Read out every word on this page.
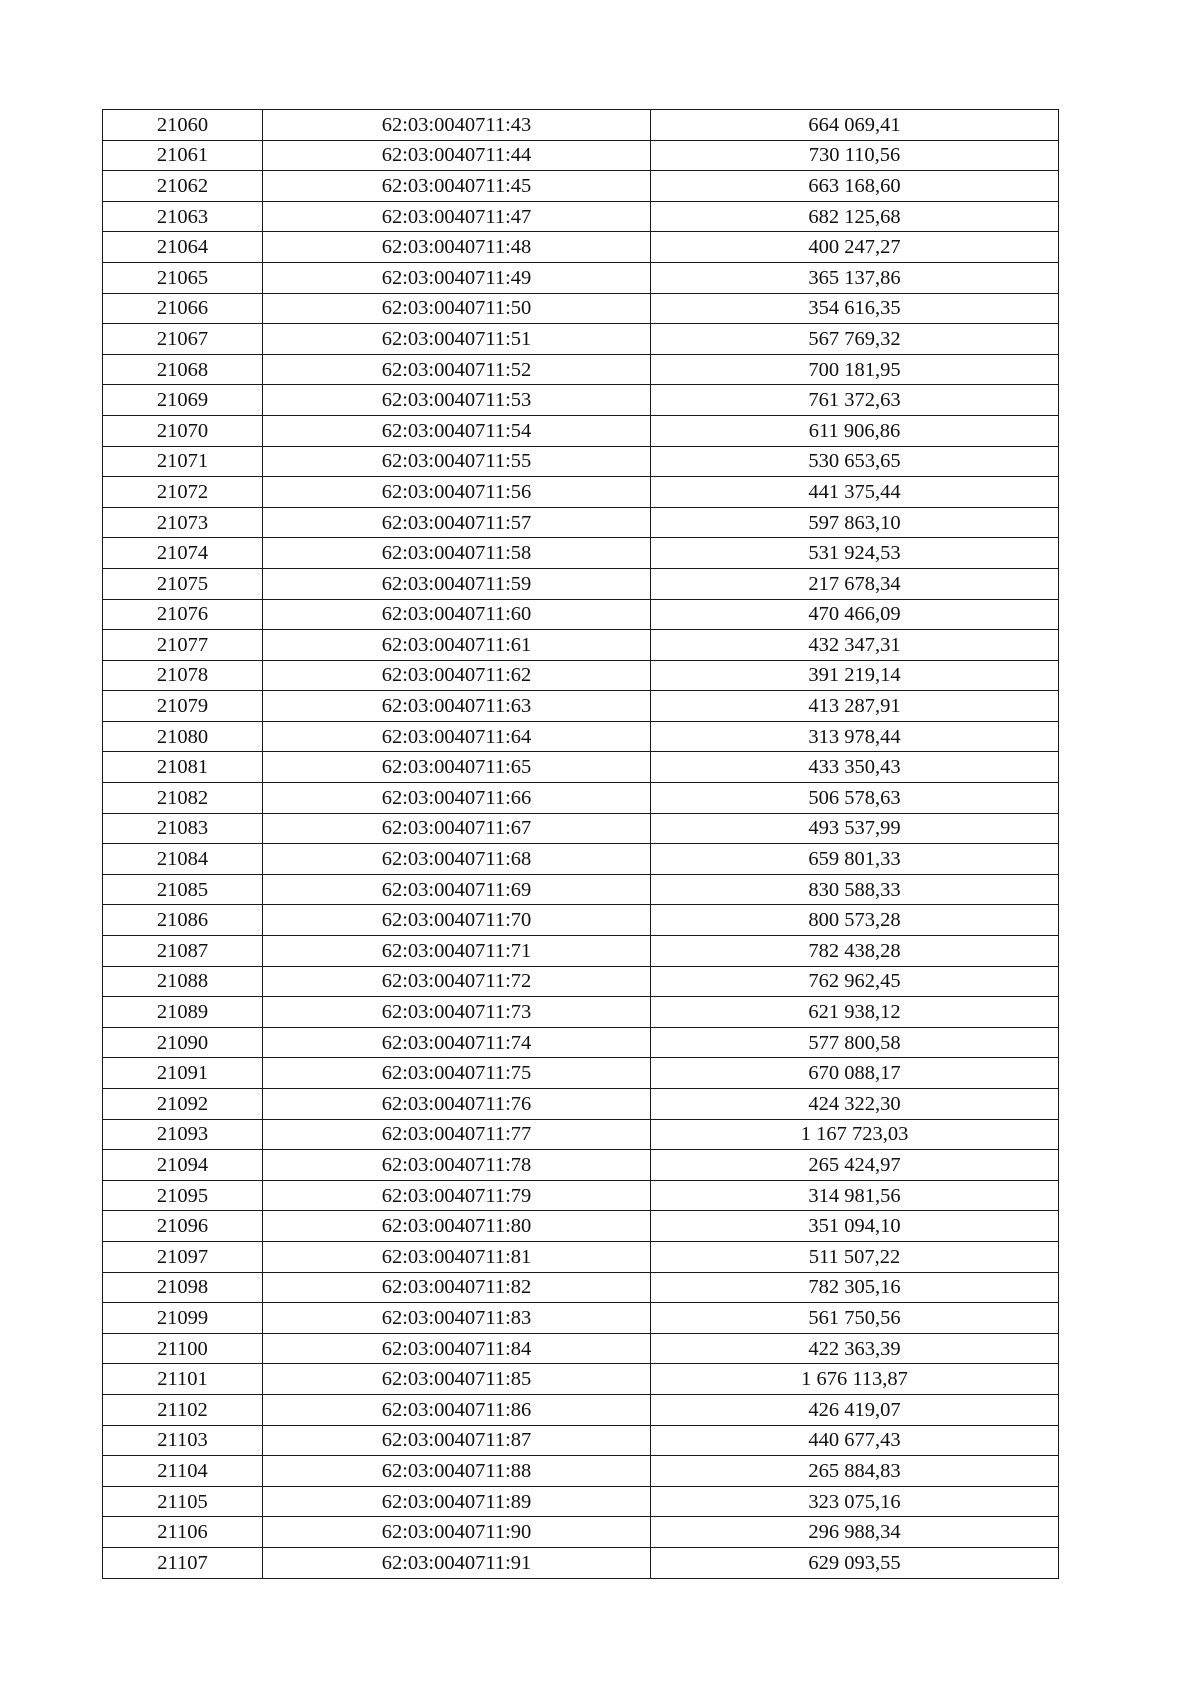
21060	62:03:0040711:43	664 069,41
21061	62:03:0040711:44	730 110,56
21062	62:03:0040711:45	663 168,60
21063	62:03:0040711:47	682 125,68
21064	62:03:0040711:48	400 247,27
21065	62:03:0040711:49	365 137,86
21066	62:03:0040711:50	354 616,35
21067	62:03:0040711:51	567 769,32
21068	62:03:0040711:52	700 181,95
21069	62:03:0040711:53	761 372,63
21070	62:03:0040711:54	611 906,86
21071	62:03:0040711:55	530 653,65
21072	62:03:0040711:56	441 375,44
21073	62:03:0040711:57	597 863,10
21074	62:03:0040711:58	531 924,53
21075	62:03:0040711:59	217 678,34
21076	62:03:0040711:60	470 466,09
21077	62:03:0040711:61	432 347,31
21078	62:03:0040711:62	391 219,14
21079	62:03:0040711:63	413 287,91
21080	62:03:0040711:64	313 978,44
21081	62:03:0040711:65	433 350,43
21082	62:03:0040711:66	506 578,63
21083	62:03:0040711:67	493 537,99
21084	62:03:0040711:68	659 801,33
21085	62:03:0040711:69	830 588,33
21086	62:03:0040711:70	800 573,28
21087	62:03:0040711:71	782 438,28
21088	62:03:0040711:72	762 962,45
21089	62:03:0040711:73	621 938,12
21090	62:03:0040711:74	577 800,58
21091	62:03:0040711:75	670 088,17
21092	62:03:0040711:76	424 322,30
21093	62:03:0040711:77	1 167 723,03
21094	62:03:0040711:78	265 424,97
21095	62:03:0040711:79	314 981,56
21096	62:03:0040711:80	351 094,10
21097	62:03:0040711:81	511 507,22
21098	62:03:0040711:82	782 305,16
21099	62:03:0040711:83	561 750,56
21100	62:03:0040711:84	422 363,39
21101	62:03:0040711:85	1 676 113,87
21102	62:03:0040711:86	426 419,07
21103	62:03:0040711:87	440 677,43
21104	62:03:0040711:88	265 884,83
21105	62:03:0040711:89	323 075,16
21106	62:03:0040711:90	296 988,34
21107	62:03:0040711:91	629 093,55
